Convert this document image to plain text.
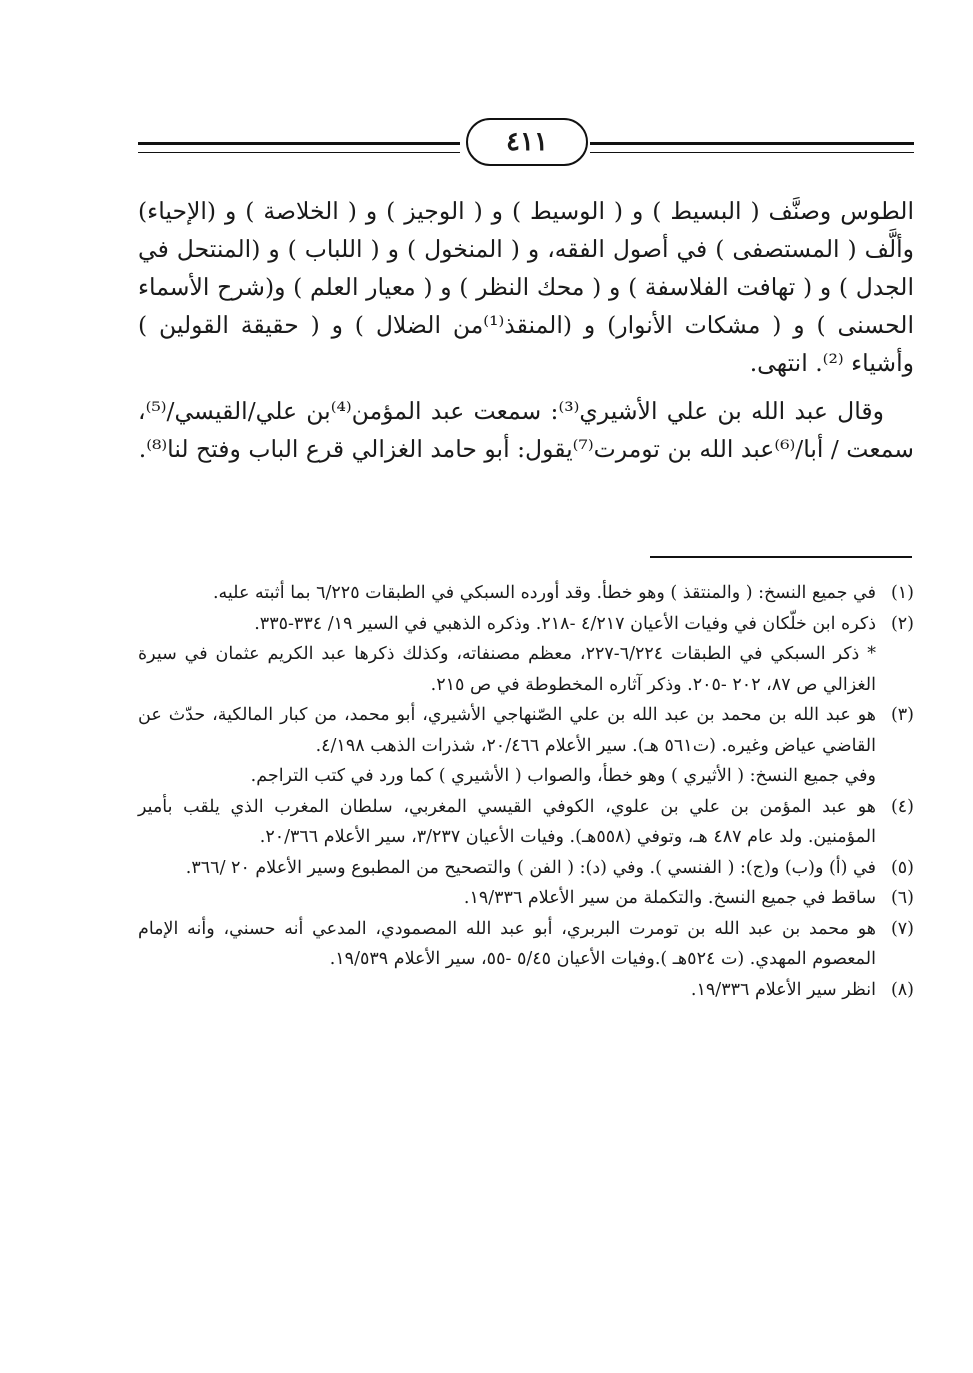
٤١١

الطوس وصنَّف ( البسيط ) و ( الوسيط ) و ( الوجيز ) و ( الخلاصة ) و (الإحياء) وألَّف ( المستصفى ) في أصول الفقه، و ( المنخول ) و ( اللباب ) و (المنتحل في الجدل ) و ( تهافت الفلاسفة ) و ( محك النظر ) و ( معيار العلم ) و(شرح الأسماء الحسنى ) و ( مشكات الأنوار) و (المنقذ⁽¹⁾من الضلال ) و ( حقيقة القولين ) وأشياء ⁽²⁾. انتهى.

وقال عبد الله بن علي الأشيري⁽³⁾: سمعت عبد المؤمن⁽⁴⁾بن علي/القيسي/⁽⁵⁾، سمعت / أبا/⁽⁶⁾عبد الله بن تومرت⁽⁷⁾يقول: أبو حامد الغزالي قرع الباب وفتح لنا⁽⁸⁾.

(١)
في جميع النسخ: ( والمنتقذ ) وهو خطأ. وقد أورده السبكي في الطبقات ٦/٢٢٥ بما أثبته عليه.
(٢)
ذكره ابن خلّكان في وفيات الأعيان ٤/٢١٧ -٢١٨. وذكره الذهبي في السير ١٩/ ٣٣٤-٣٣٥.
* ذكر السبكي في الطبقات ٦/٢٢٤-٢٢٧، معظم مصنفاته، وكذلك ذكرها عبد الكريم عثمان في سيرة الغزالي ص ٨٧، ٢٠٢ -٢٠٥. وذكر آثاره المخطوطة في ص ٢١٥.
(٣)
هو عبد الله بن محمد بن عبد الله بن علي الصّنهاجي الأشيري، أبو محمد، من كبار المالكية، حدّث عن القاضي عياض وغيره. (ت٥٦١ هـ). سير الأعلام ٢٠/٤٦٦، شذرات الذهب ٤/١٩٨.
وفي جميع النسخ: ( الأثيري ) وهو خطأ، والصواب ( الأشيري ) كما ورد في كتب التراجم.
(٤)
هو عبد المؤمن بن علي بن علوي، الكوفي القيسي المغربي، سلطان المغرب الذي يلقب بأمير المؤمنين. ولد عام ٤٨٧ هـ، وتوفي (٥٥٨هـ). وفيات الأعيان ٣/٢٣٧، سير الأعلام ٢٠/٣٦٦.
(٥)
في (أ) و(ب) و(ج): ( الفنسي ). وفي (د): ( الفن ) والتصحيح من المطبوع وسير الأعلام ٢٠ /٣٦٦.
(٦)
ساقط في جميع النسخ. والتكملة من سير الأعلام ١٩/٣٣٦.
(٧)
هو محمد بن عبد الله بن تومرت البربري، أبو عبد الله المصمودي، المدعي أنه حسني، وأنه الإمام المعصوم المهدي. (ت ٥٢٤هـ ).وفيات الأعيان ٥/٤٥ -٥٥، سير الأعلام ١٩/٥٣٩.
(٨)
انظر سير الأعلام ١٩/٣٣٦.
